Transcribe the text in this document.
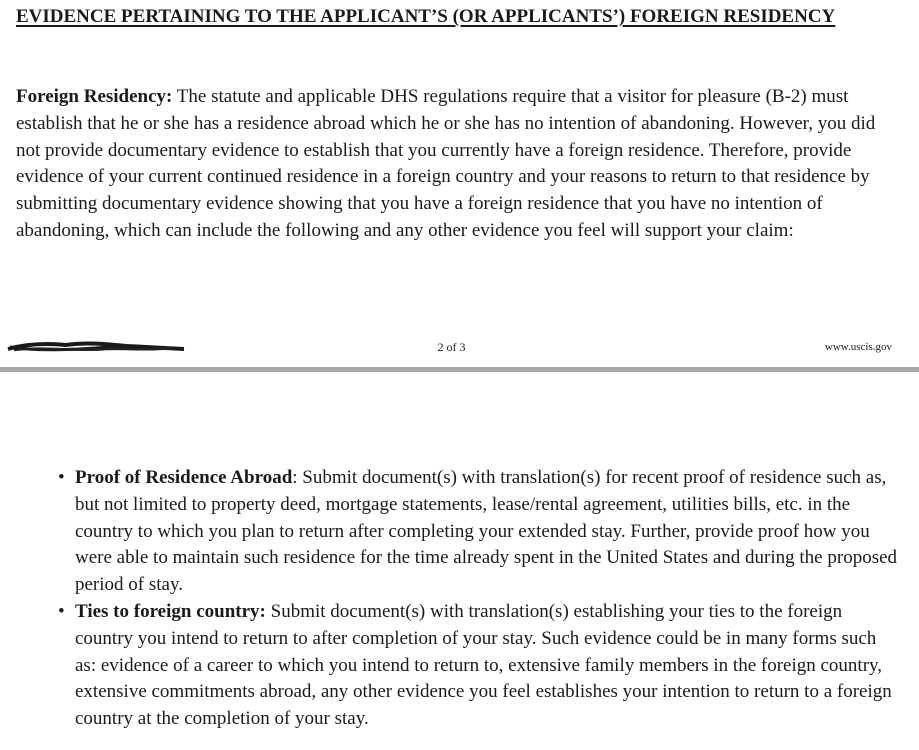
EVIDENCE PERTAINING TO THE APPLICANT’S (OR APPLICANTS’) FOREIGN RESIDENCY

Foreign Residency: The statute and applicable DHS regulations require that a visitor for pleasure (B-2) must establish that he or she has a residence abroad which he or she has no intention of abandoning. However, you did not provide documentary evidence to establish that you currently have a foreign residence. Therefore, provide evidence of your current continued residence in a foreign country and your reasons to return to that residence by submitting documentary evidence showing that you have a foreign residence that you have no intention of abandoning, which can include the following and any other evidence you feel will support your claim:

2 of 3	www.uscis.gov
• Proof of Residence Abroad: Submit document(s) with translation(s) for recent proof of residence such as, but not limited to property deed, mortgage statements, lease/rental agreement, utilities bills, etc. in the country to which you plan to return after completing your extended stay. Further, provide proof how you were able to maintain such residence for the time already spent in the United States and during the proposed period of stay.
• Ties to foreign country: Submit document(s) with translation(s) establishing your ties to the foreign country you intend to return to after completion of your stay. Such evidence could be in many forms such as: evidence of a career to which you intend to return to, extensive family members in the foreign country, extensive commitments abroad, any other evidence you feel establishes your intention to return to a foreign country at the completion of your stay.
